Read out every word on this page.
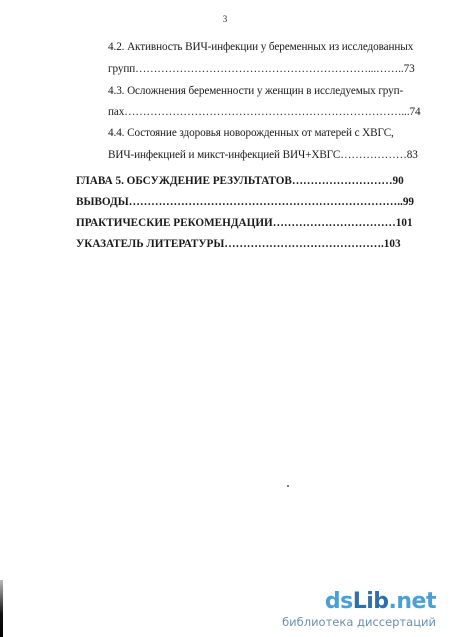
3
4.2. Активность ВИЧ-инфекции у беременных из исследованных
групп………………………………………………………...……..73
4.3. Осложнения беременности у женщин в исследуемых груп-
пах…………………………………………………………………...74
4.4. Состояние здоровья новорожденных от матерей с ХВГС,
ВИЧ-инфекцией и микст-инфекцией ВИЧ+ХВГС………………83
ГЛАВА 5. ОБСУЖДЕНИЕ РЕЗУЛЬТАТОВ………………………90
ВЫВОДЫ………………………………………………………………..99
ПРАКТИЧЕСКИЕ РЕКОМЕНДАЦИИ……………………………101
УКАЗАТЕЛЬ ЛИТЕРАТУРЫ…………………………………….103
dsLib.net
библиотека диссертаций
